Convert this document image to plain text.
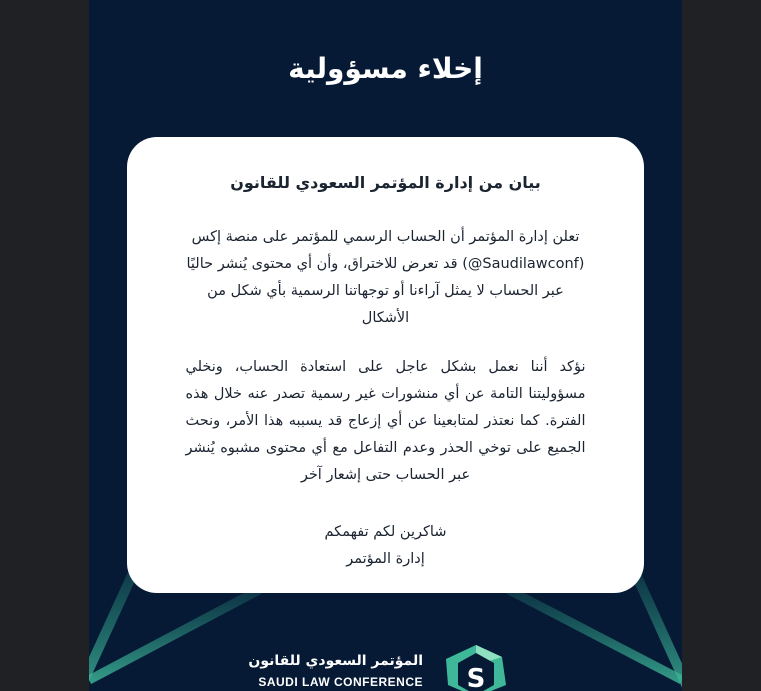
إخلاء مسؤولية
بيان من إدارة المؤتمر السعودي للقانون

تعلن إدارة المؤتمر أن الحساب الرسمي للمؤتمر على منصة إكس (Saudilawconf@) قد تعرض للاختراق، وأن أي محتوى يُنشر حاليًا عبر الحساب لا يمثل آراءنا أو توجهاتنا الرسمية بأي شكل من الأشكال

نؤكد أننا نعمل بشكل عاجل على استعادة الحساب، ونخلي مسؤوليتنا التامة عن أي منشورات غير رسمية تصدر عنه خلال هذه الفترة. كما نعتذر لمتابعينا عن أي إزعاج قد يسببه هذا الأمر، ونحث الجميع على توخي الحذر وعدم التفاعل مع أي محتوى مشبوه يُنشر عبر الحساب حتى إشعار آخر

شاكرين لكم تفهمكم

إدارة المؤتمر

المؤتمر السعودي للقانون
SAUDI LAW CONFERENCE S
